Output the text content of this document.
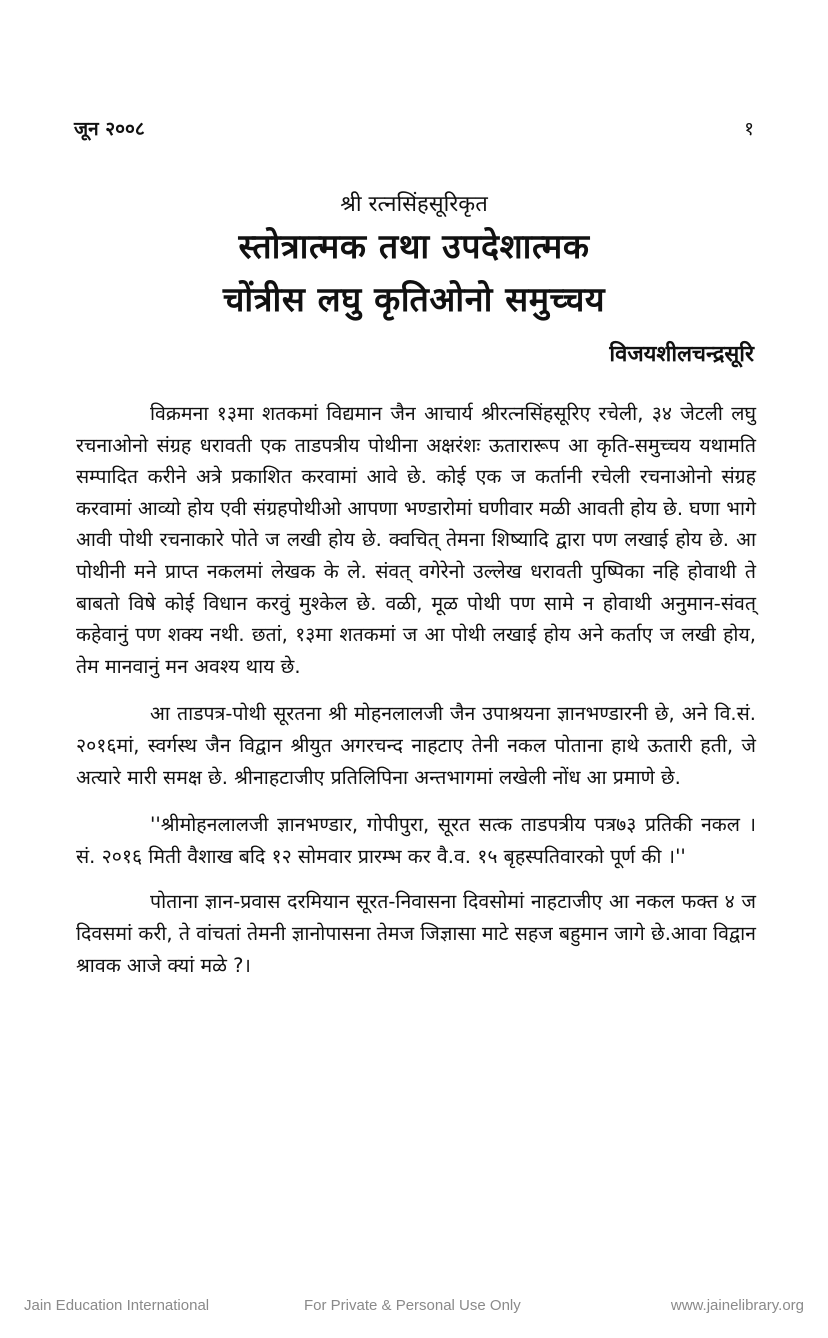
जून २००८	१
श्री रत्नसिंहसूरिकृत
स्तोत्रात्मक तथा उपदेशात्मक
चोंत्रीस लघु कृतिओनो समुच्चय
विजयशीलचन्द्रसूरि

विक्रमना १३मा शतकमां विद्यमान जैन आचार्य श्रीरत्नसिंहसूरिए रचेली, ३४ जेटली लघु रचनाओनो संग्रह धरावती एक ताडपत्रीय पोथीना अक्षरंशः ऊतारारूप आ कृति-समुच्चय यथामति सम्पादित करीने अत्रे प्रकाशित करवामां आवे छे. कोई एक ज कर्तानी रचेली रचनाओनो संग्रह करवामां आव्यो होय एवी संग्रहपोथीओ आपणा भण्डारोमां घणीवार मळी आवती होय छे. घणा भागे आवी पोथी रचनाकारे पोते ज लखी होय छे. क्वचित् तेमना शिष्यादि द्वारा पण लखाई होय छे. आ पोथीनी मने प्राप्त नकलमां लेखक के ले. संवत् वगेरेनो उल्लेख धरावती पुष्पिका नहि होवाथी ते बाबतो विषे कोई विधान करवुं मुश्केल छे. वळी, मूळ पोथी पण सामे न होवाथी अनुमान-संवत् कहेवानुं पण शक्य नथी. छतां, १३मा शतकमां ज आ पोथी लखाई होय अने कर्ताए ज लखी होय, तेम मानवानुं मन अवश्य थाय छे.

आ ताडपत्र-पोथी सूरतना श्री मोहनलालजी जैन उपाश्रयना ज्ञानभण्डारनी छे, अने वि.सं. २०१६मां, स्वर्गस्थ जैन विद्वान श्रीयुत अगरचन्द नाहटाए तेनी नकल पोताना हाथे ऊतारी हती, जे अत्यारे मारी समक्ष छे. श्रीनाहटाजीए प्रतिलिपिना अन्तभागमां लखेली नोंध आ प्रमाणे छे.

''श्रीमोहनलालजी ज्ञानभण्डार, गोपीपुरा, सूरत सत्क ताडपत्रीय पत्र७३ प्रतिकी नकल । सं. २०१६ मिती वैशाख बदि १२ सोमवार प्रारम्भ कर वै.व. १५ बृहस्पतिवारको पूर्ण की ।''

पोताना ज्ञान-प्रवास दरमियान सूरत-निवासना दिवसोमां नाहटाजीए आ नकल फक्त ४ ज दिवसमां करी, ते वांचतां तेमनी ज्ञानोपासना तेमज जिज्ञासा माटे सहज बहुमान जागे छे.आवा विद्वान श्रावक आजे क्यां मळे ?।

Jain Education International	For Private & Personal Use Only	www.jainelibrary.org
